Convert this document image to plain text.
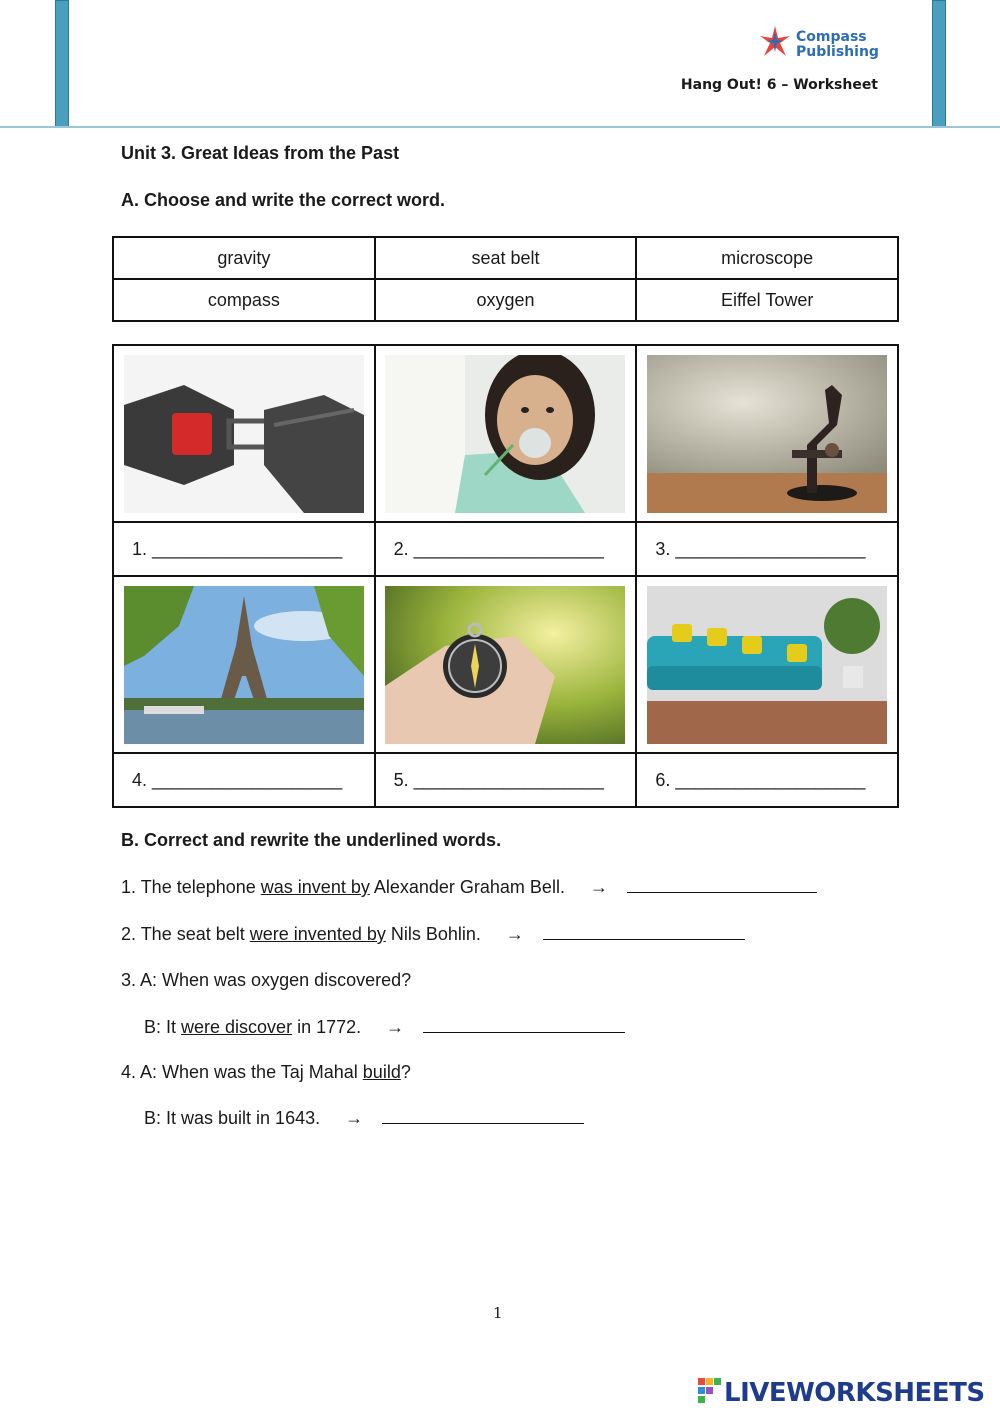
Compass
Publishing
Hang Out! 6 – Worksheet
Unit 3. Great Ideas from the Past
A. Choose and write the correct word.
gravity	seat belt	microscope
compass	oxygen	Eiffel Tower

1. ___________________	2. ___________________	3. ___________________

4. ___________________	5. ___________________	6. ___________________
B. Correct and rewrite the underlined words.
1. The telephone was invent by Alexander Graham Bell. →
2. The seat belt were invented by Nils Bohlin. →
3. A: When was oxygen discovered?
B: It were discover in 1772. →
4. A: When was the Taj Mahal build?
B: It was built in 1643. →
1
LIVEWORKSHEETS
